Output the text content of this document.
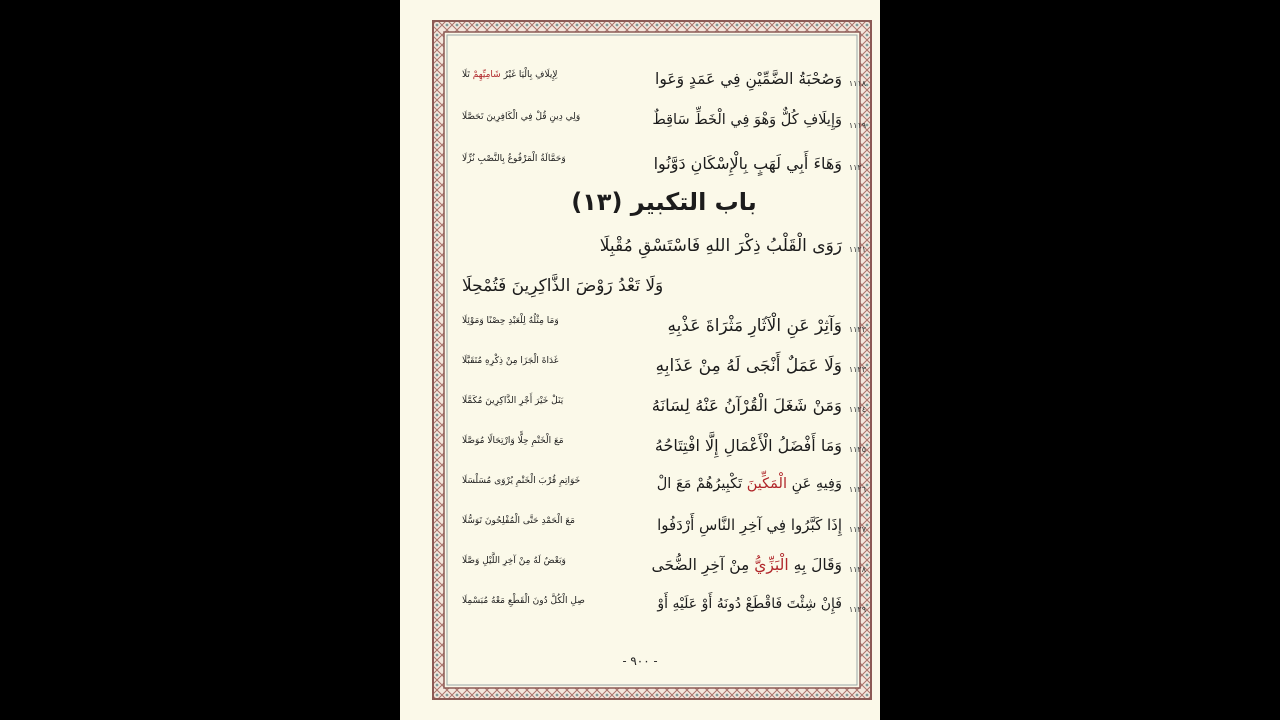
- ٩٠٠ -
١١١٨
وَصُحْبَةُ الضَّمِّيْنِ فِي عَمَدٍ وَعَوا
لِإِيلَافِ بِالْيَا غَيْرُ شَامِيِّهِمْ تَلَا
١١١٩
وَإِيلَافِ كُلٌّ وَهْوَ فِي الْخَطِّ سَاقِطٌ
وَلِي دِينِ قُلْ فِي الْكَافِرِينَ تَحَصَّلَا
١١٢٠
وَهَاءَ أَبِي لَهَبٍ بِالْإِسْكَانِ دَوَّنُوا
وَحَمَّالَةُ الْمَرْفُوعُ بِالنَّصْبِ نُزِّلَا
باب التكبير (١٣)
١١٢١
رَوَى الْقَلْبُ ذِكْرَ اللهِ فَاسْتَسْقِ مُقْبِلَا
وَلَا تَعْدُ رَوْضَ الذَّاكِرِينَ فَتُمْحِلَا
١١٢٢
وَآثِرْ عَنِ الْآثَارِ مَثْرَاةَ عَذْبِهِ
وَمَا مِثْلُهُ لِلْعَبْدِ حِصْنًا وَمَوْئِلَا
١١٢٣
وَلَا عَمَلٌ أَنْجَى لَهُ مِنْ عَذَابِهِ
غَدَاةَ الْجَزَا مِنْ ذِكْرِهِ مُتَقَبَّلَا
١١٢٤
وَمَنْ شَغَلَ الْقُرْآنُ عَنْهُ لِسَانَهُ
يَنَلْ خَيْرَ أَجْرِ الذَّاكِرِينَ مُكَمَّلَا
١١٢٥
وَمَا أَفْضَلُ الْأَعْمَالِ إِلَّا افْتِتَاحُهُ
مَعَ الْخَتْمِ حِلًّا وَارْتِحَالًا مُوَصَّلَا
١١٢٦
وَفِيهِ عَنِ الْمَكِّينَ تَكْبِيرُهُمْ مَعَ الْ
خَوَاتِمِ قُرْبَ الْخَتْمِ يُرْوَى مُسَلْسَلَا
١١٢٧
إِذَا كَبَّرُوا فِي آخِرِ النَّاسِ أَرْدَفُوا
مَعَ الْحَمْدِ حَتَّى الْمُفْلِحُونَ تَوَسُّلَا
١١٢٨
وَقَالَ بِهِ الْبَزِّيُّ مِنْ آخِرِ الضُّحَى
وَبَعْضٌ لَهُ مِنْ آخِرِ اللَّيْلِ وَصَّلَا
١١٢٩
فَإِنْ شِئْتَ فَاقْطَعْ دُونَهُ أَوْ عَلَيْهِ أَوْ
صِلِ الْكُلَّ دُونَ الْقَطْعِ مَعْهُ مُبَسْمِلَا
